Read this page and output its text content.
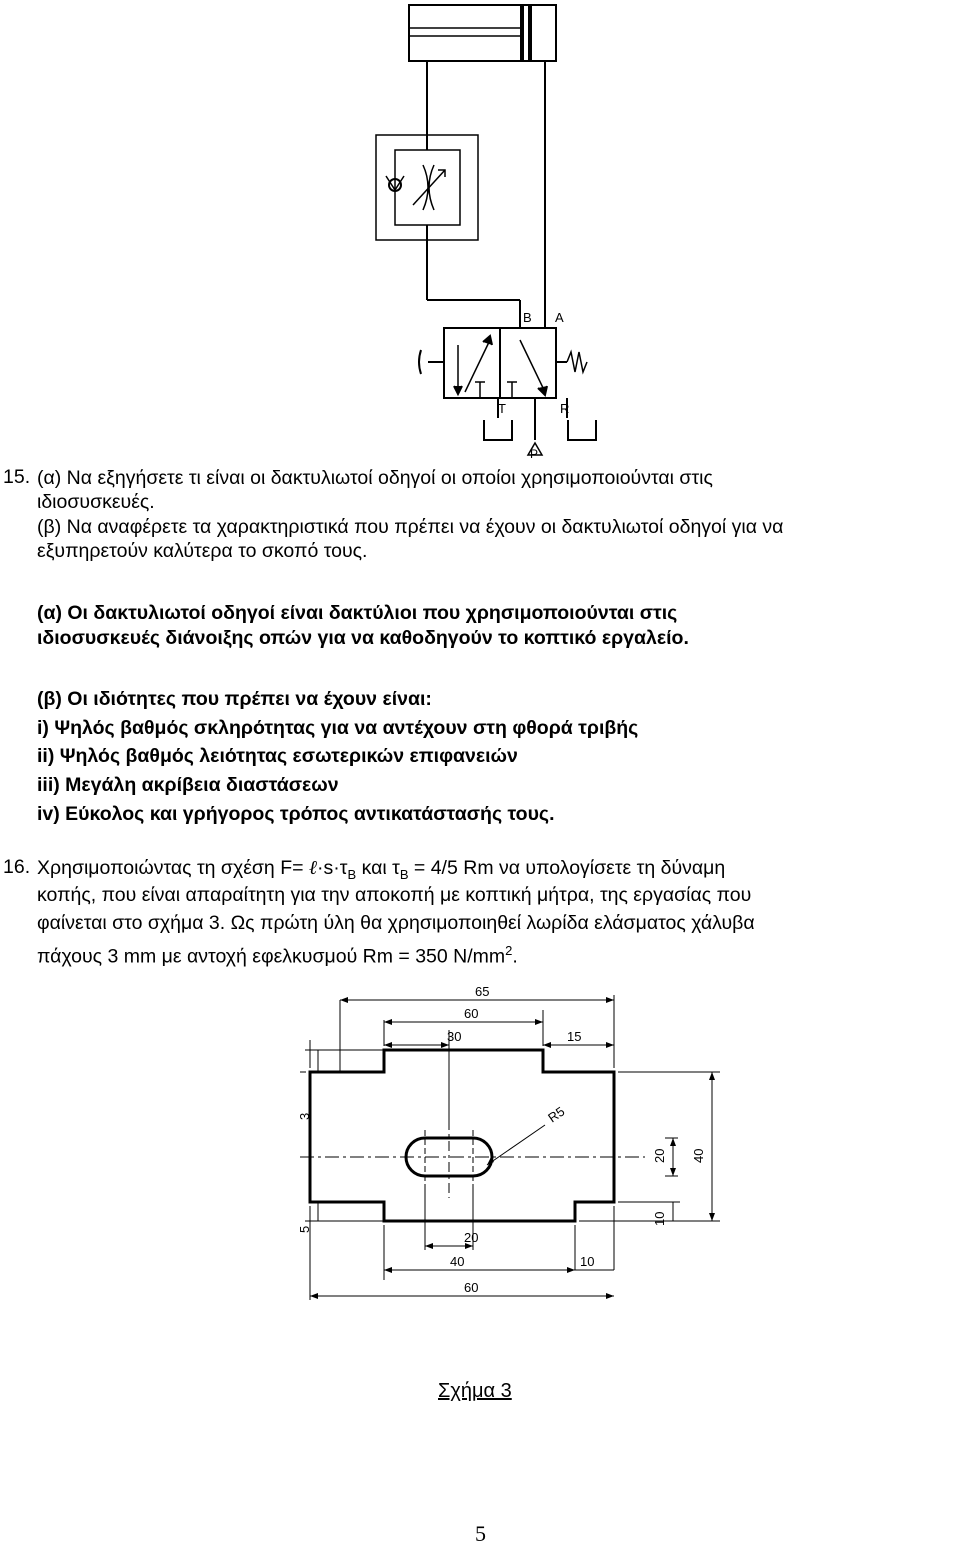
B A
T	R
P
15. (α) Να εξηγήσετε τι είναι οι δακτυλιωτοί οδηγοί οι οποίοι χρησιμοποιούνται στις
ιδιοσυσκευές.
(β) Να αναφέρετε τα χαρακτηριστικά που πρέπει να έχουν οι δακτυλιωτοί οδηγοί για να
εξυπηρετούν καλύτερα το σκοπό τους.
(α) Οι δακτυλιωτοί οδηγοί είναι δακτύλιοι που χρησιμοποιούνται στις
ιδιοσυσκευές διάνοιξης οπών για να καθοδηγούν το κοπτικό εργαλείο.
(β) Οι ιδιότητες που πρέπει να έχουν είναι:
i) Ψηλός βαθμός σκληρότητας για να αντέχουν στη φθορά τριβής
ii) Ψηλός βαθμός λειότητας εσωτερικών επιφανειών
iii) Μεγάλη ακρίβεια διαστάσεων
iv) Εύκολος και γρήγορος τρόπος αντικατάστασής τους.
16. Χρησιμοποιώντας τη σχέση $F= \ell\cdot s\cdot\tau_B$ και $\tau_B = 4/5$ Rm να υπολογίσετε τη δύναμη
κοπής, που είναι απαραίτητη για την αποκοπή με κοπτική μήτρα, της εργασίας που
φαίνεται στο σχήμα 3. Ως πρώτη ύλη θα χρησιμοποιηθεί λωρίδα ελάσματος χάλυβα
πάχους 3 mm με αντοχή εφελκυσμού Rm = 350 $N/mm^2$.
65
60
30	15
3	R5
20 40
10
5
20
40	10
60
Σχήμα 3
5
